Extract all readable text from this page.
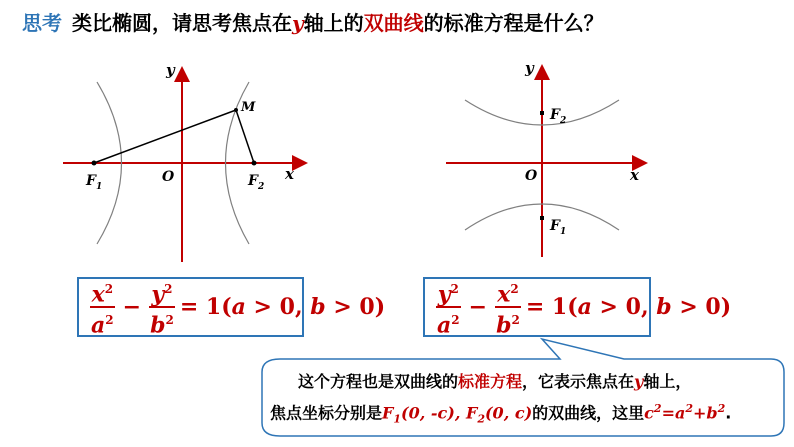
思考 类比椭圆，请思考焦点在y轴上的双曲线的标准方程是什么？
y
x
O
M
$F_1$	$F_2$
y
x
O
$F_2$
$F_1$
$\frac{x^2}{a^2} - \frac{y^2}{b^2} = 1(a > 0$, $b > 0) \frac{y^2}{a^2} - \frac{x^2}{b^2} = 1(a > 0$, b > 0)
这个方程也是双曲线的标准方程，它表示焦点在y轴上，
焦点坐标分别是$F_1(0$, -c), $F_2(0$, c)的双曲线，这里$c^2=a^2+b^2$.
